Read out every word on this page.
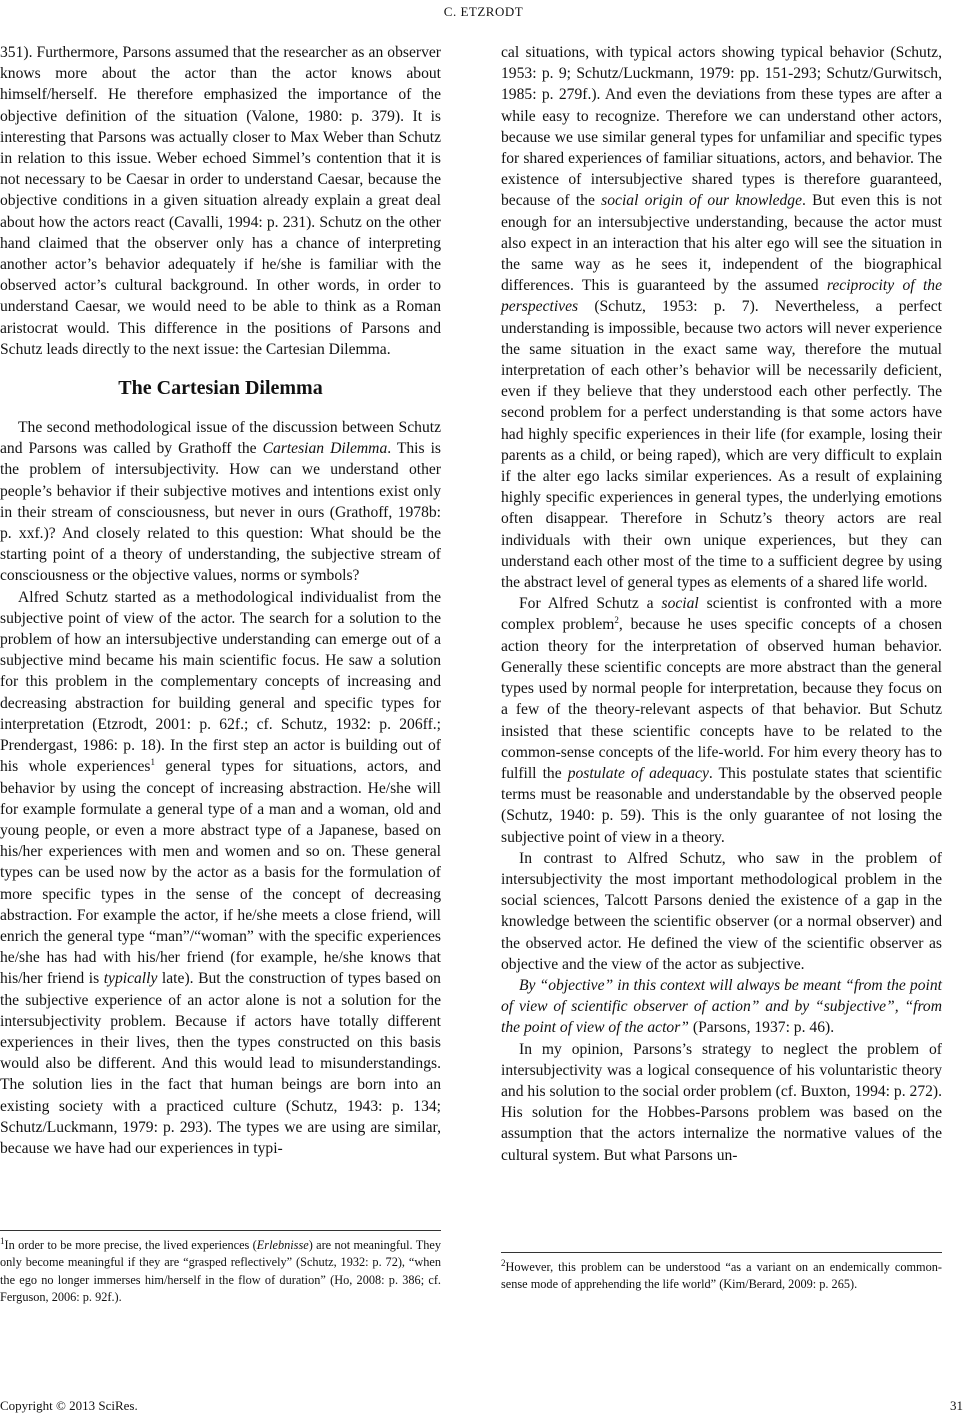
C. ETZRODT

351). Furthermore, Parsons assumed that the researcher as an observer knows more about the actor than the actor knows about himself/herself. He therefore emphasized the importance of the objective definition of the situation (Valone, 1980: p. 379). It is interesting that Parsons was actually closer to Max Weber than Schutz in relation to this issue. Weber echoed Simmel’s contention that it is not necessary to be Caesar in order to understand Caesar, because the objective conditions in a given situation already explain a great deal about how the actors react (Cavalli, 1994: p. 231). Schutz on the other hand claimed that the observer only has a chance of interpreting another actor’s behavior adequately if he/she is familiar with the observed actor’s cultural background. In other words, in order to understand Caesar, we would need to be able to think as a Roman aristocrat would. This difference in the positions of Parsons and Schutz leads directly to the next issue: the Cartesian Dilemma.

The Cartesian Dilemma

The second methodological issue of the discussion between Schutz and Parsons was called by Grathoff the Cartesian Dilemma. This is the problem of intersubjectivity. How can we understand other people’s behavior if their subjective motives and intentions exist only in their stream of consciousness, but never in ours (Grathoff, 1978b: p. xxf.)? And closely related to this question: What should be the starting point of a theory of understanding, the subjective stream of consciousness or the objective values, norms or symbols?

Alfred Schutz started as a methodological individualist from the subjective point of view of the actor. The search for a solution to the problem of how an intersubjective understanding can emerge out of a subjective mind became his main scientific focus. He saw a solution for this problem in the complementary concepts of increasing and decreasing abstraction for building general and specific types for interpretation (Etzrodt, 2001: p. 62f.; cf. Schutz, 1932: p. 206ff.; Prendergast, 1986: p. 18). In the first step an actor is building out of his whole experiences$^1$ general types for situations, actors, and behavior by using the concept of increasing abstraction. He/she will for example formulate a general type of a man and a woman, old and young people, or even a more abstract type of a Japanese, based on his/her experiences with men and women and so on. These general types can be used now by the actor as a basis for the formulation of more specific types in the sense of the concept of decreasing abstraction. For example the actor, if he/she meets a close friend, will enrich the general type “man”/“woman” with the specific experiences he/she has had with his/her friend (for example, he/she knows that his/her friend is typically late). But the construction of types based on the subjective experience of an actor alone is not a solution for the intersubjectivity problem. Because if actors have totally different experiences in their lives, then the types constructed on this basis would also be different. And this would lead to misunderstandings. The solution lies in the fact that human beings are born into an existing society with a practiced culture (Schutz, 1943: p. 134; Schutz/Luckmann, 1979: p. 293). The types we are using are similar, because we have had our experiences in typi-

cal situations, with typical actors showing typical behavior (Schutz, 1953: p. 9; Schutz/Luckmann, 1979: pp. 151-293; Schutz/Gurwitsch, 1985: p. 279f.). And even the deviations from these types are after a while easy to recognize. Therefore we can understand other actors, because we use similar general types for unfamiliar and specific types for shared experiences of familiar situations, actors, and behavior. The existence of intersubjective shared types is therefore guaranteed, because of the social origin of our knowledge. But even this is not enough for an intersubjective understanding, because the actor must also expect in an interaction that his alter ego will see the situation in the same way as he sees it, independent of the biographical differences. This is guaranteed by the assumed reciprocity of the perspectives (Schutz, 1953: p. 7). Nevertheless, a perfect understanding is impossible, because two actors will never experience the same situation in the exact same way, therefore the mutual interpretation of each other’s behavior will be necessarily deficient, even if they believe that they understood each other perfectly. The second problem for a perfect understanding is that some actors have had highly specific experiences in their life (for example, losing their parents as a child, or being raped), which are very difficult to explain if the alter ego lacks similar experiences. As a result of explaining highly specific experiences in general types, the underlying emotions often disappear. Therefore in Schutz’s theory actors are real individuals with their own unique experiences, but they can understand each other most of the time to a sufficient degree by using the abstract level of general types as elements of a shared life world.

For Alfred Schutz a social scientist is confronted with a more complex problem$^2$, because he uses specific concepts of a chosen action theory for the interpretation of observed human behavior. Generally these scientific concepts are more abstract than the general types used by normal people for interpretation, because they focus on a few of the theory-relevant aspects of that behavior. But Schutz insisted that these scientific concepts have to be related to the common-sense concepts of the life-world. For him every theory has to fulfill the postulate of adequacy. This postulate states that scientific terms must be reasonable and understandable by the observed people (Schutz, 1940: p. 59). This is the only guarantee of not losing the subjective point of view in a theory.

In contrast to Alfred Schutz, who saw in the problem of intersubjectivity the most important methodological problem in the social sciences, Talcott Parsons denied the existence of a gap in the knowledge between the scientific observer (or a normal observer) and the observed actor. He defined the view of the scientific observer as objective and the view of the actor as subjective.

By “objective” in this context will always be meant “from the point of view of scientific observer of action” and by “subjective”, “from the point of view of the actor” (Parsons, 1937: p. 46).

In my opinion, Parsons’s strategy to neglect the problem of intersubjectivity was a logical consequence of his voluntaristic theory and his solution to the social order problem (cf. Buxton, 1994: p. 272). His solution for the Hobbes-Parsons problem was based on the assumption that the actors internalize the normative values of the cultural system. But what Parsons un-

$^1$In order to be more precise, the lived experiences (Erlebnisse) are not meaningful. They only become meaningful if they are “grasped reflectively” (Schutz, 1932: p. 72), “when the ego no longer immerses him/herself in the flow of duration” (Ho, 2008: p. 386; cf. Ferguson, 2006: p. 92f.).

$^2$However, this problem can be understood “as a variant on an endemically common-sense mode of apprehending the life world” (Kim/Berard, 2009: p. 265).

Copyright © 2013 SciRes.	31
